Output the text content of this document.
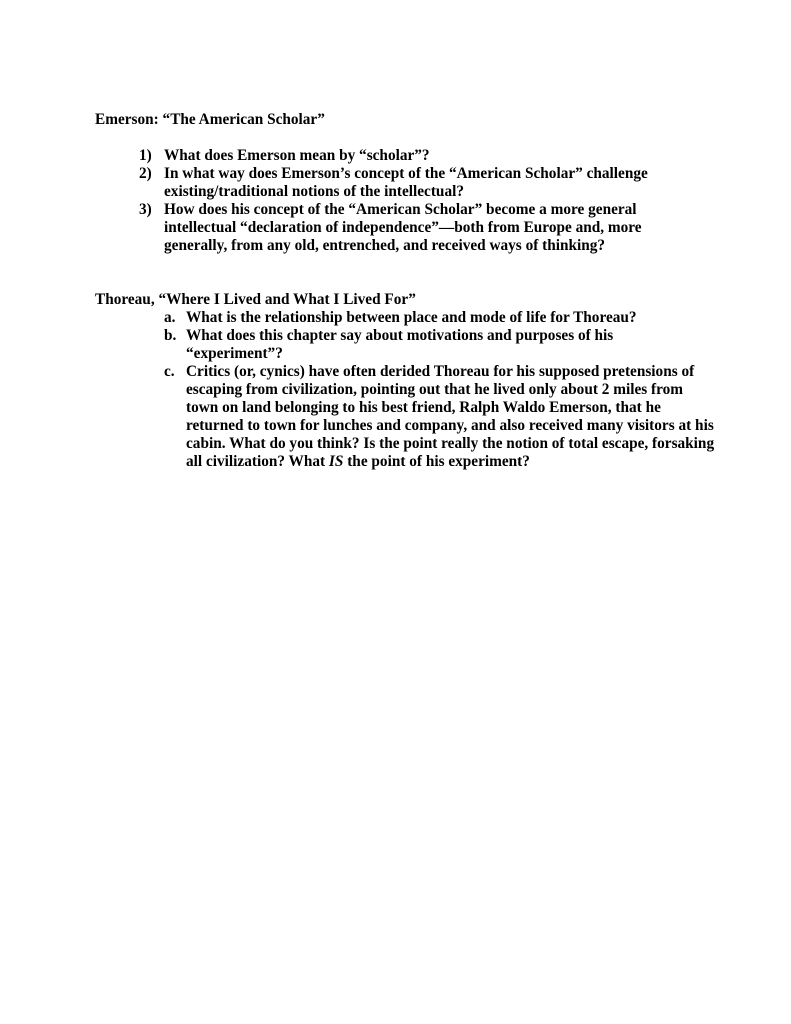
Emerson: “The American Scholar”
1) What does Emerson mean by “scholar”?
2) In what way does Emerson’s concept of the “American Scholar” challenge existing/traditional notions of the intellectual?
3) How does his concept of the “American Scholar” become a more general intellectual “declaration of independence”—both from Europe and, more generally, from any old, entrenched, and received ways of thinking?
Thoreau, “Where I Lived and What I Lived For”
a. What is the relationship between place and mode of life for Thoreau?
b. What does this chapter say about motivations and purposes of his “experiment”?
c. Critics (or, cynics) have often derided Thoreau for his supposed pretensions of escaping from civilization, pointing out that he lived only about 2 miles from town on land belonging to his best friend, Ralph Waldo Emerson, that he returned to town for lunches and company, and also received many visitors at his cabin. What do you think? Is the point really the notion of total escape, forsaking all civilization? What IS the point of his experiment?
